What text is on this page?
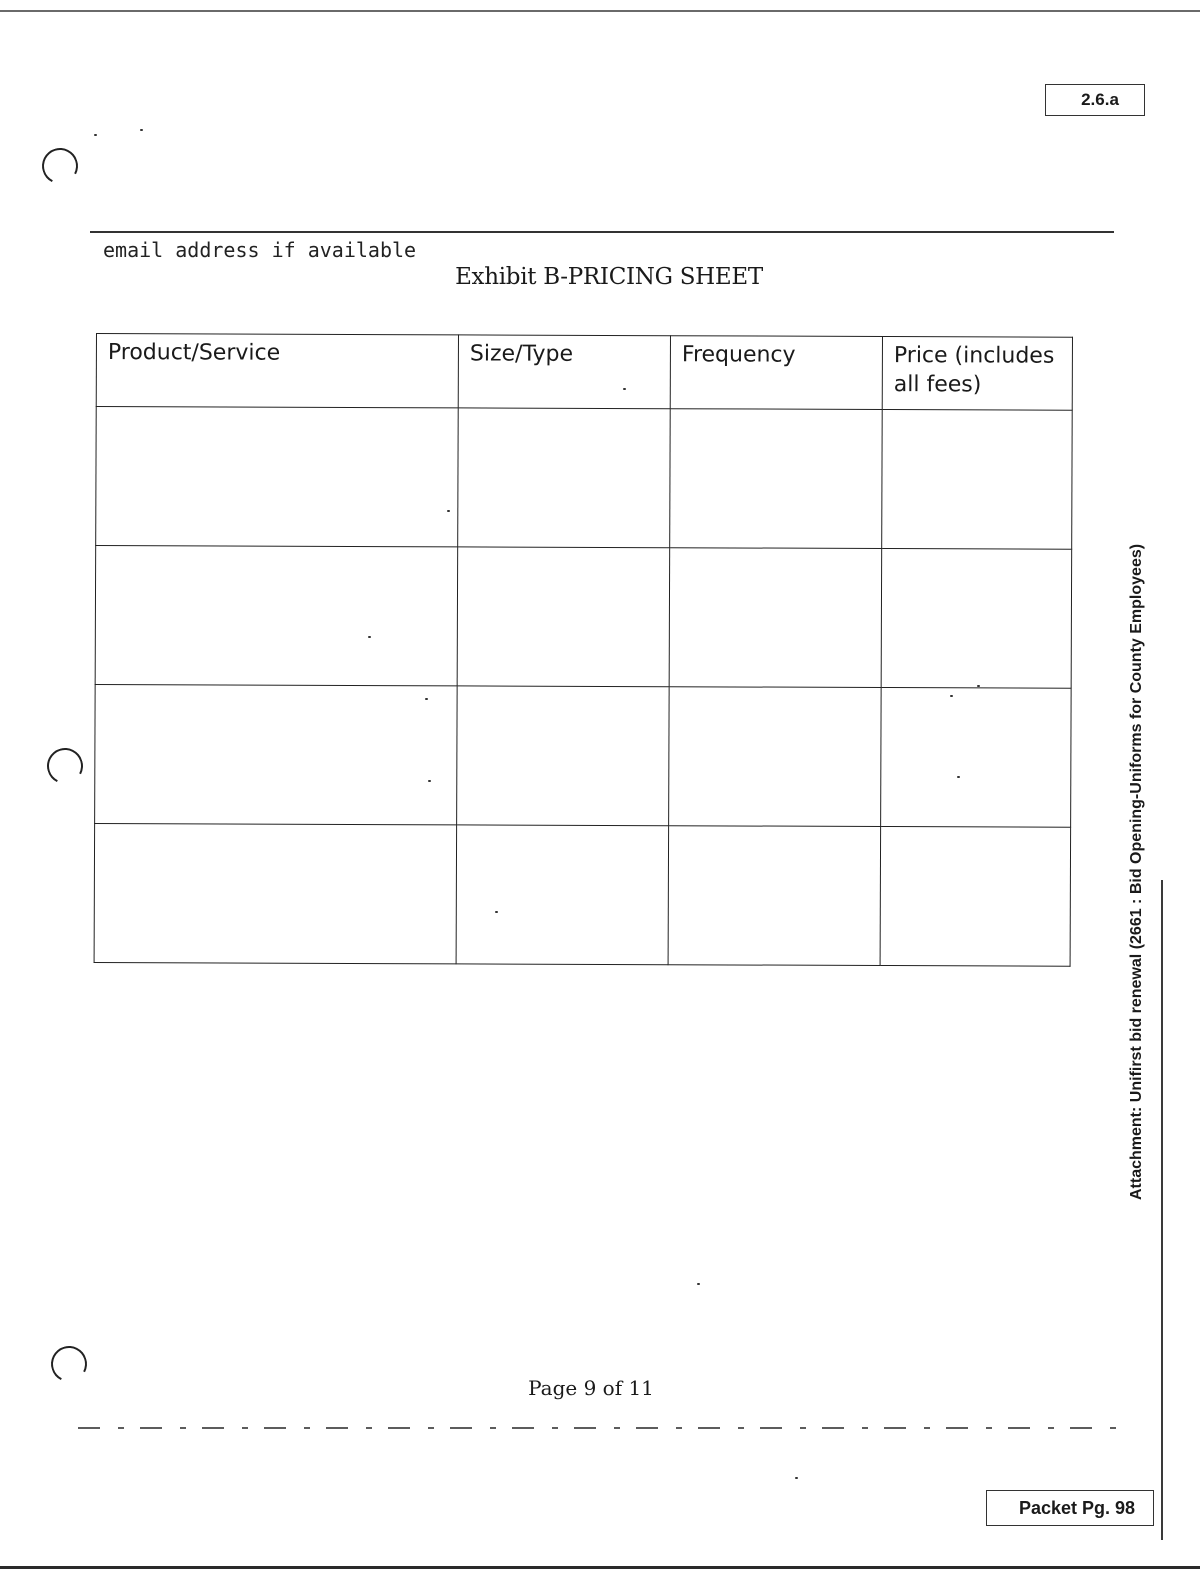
2.6.a
email address if available
Exhibit B-PRICING SHEET
Product/Service	Size/Type	Frequency	Price (includes all fees)

Attachment: Unifirst bid renewal (2661 : Bid Opening-Uniforms for County Employees)
Page 9 of 11
Packet Pg. 98
